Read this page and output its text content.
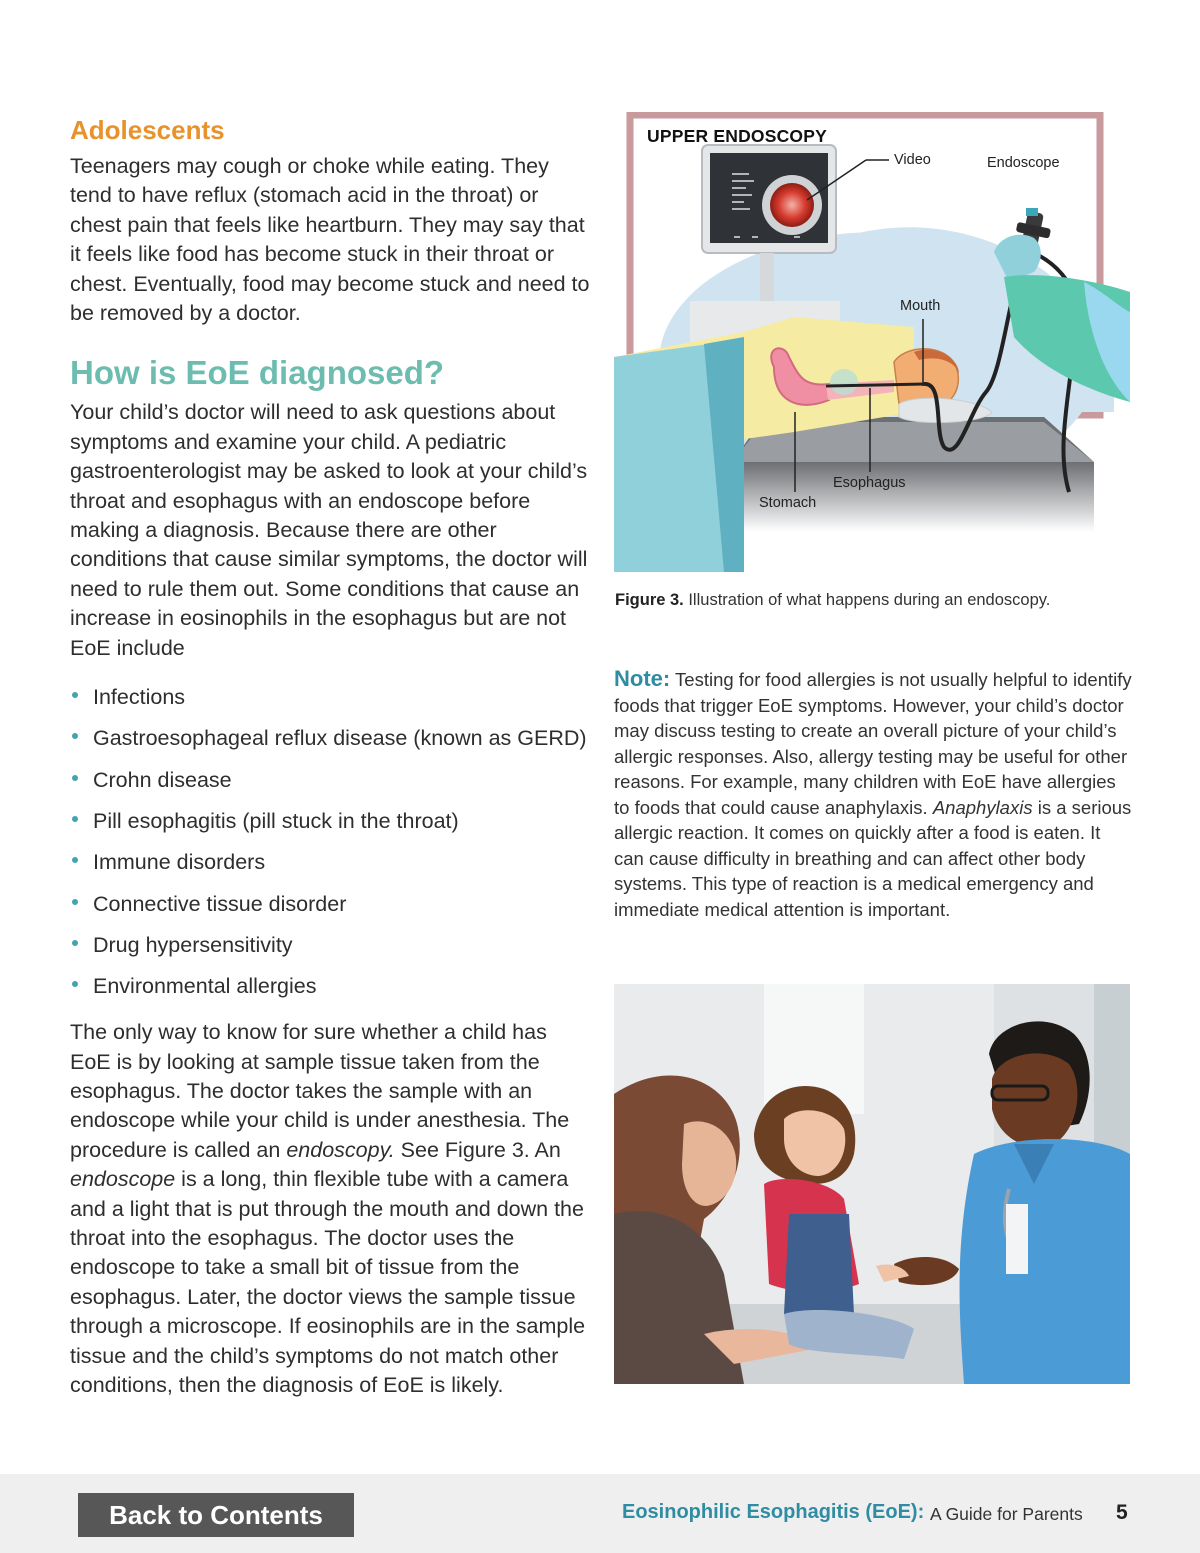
Adolescents

Teenagers may cough or choke while eating. They tend to have reflux (stomach acid in the throat) or chest pain that feels like heartburn. They may say that it feels like food has become stuck in their throat or chest. Eventually, food may become stuck and need to be removed by a doctor.

How is EoE diagnosed?

Your child’s doctor will need to ask questions about symptoms and examine your child. A pediatric gastroenterologist may be asked to look at your child’s throat and esophagus with an endoscope before making a diagnosis. Because there are other conditions that cause similar symptoms, the doctor will need to rule them out. Some conditions that cause an increase in eosinophils in the esophagus but are not EoE include

Infections
Gastroesophageal reflux disease (known as GERD)
Crohn disease
Pill esophagitis (pill stuck in the throat)
Immune disorders
Connective tissue disorder
Drug hypersensitivity
Environmental allergies

The only way to know for sure whether a child has EoE is by looking at sample tissue taken from the esophagus. The doctor takes the sample with an endoscope while your child is under anesthesia. The procedure is called an endoscopy. See Figure 3. An endoscope is a long, thin flexible tube with a camera and a light that is put through the mouth and down the throat into the esophagus. The doctor uses the endoscope to take a small bit of tissue from the esophagus. Later, the doctor views the sample tissue through a microscope. If eosinophils are in the sample tissue and the child’s symptoms do not match other conditions, then the diagnosis of EoE is likely.

UPPER ENDOSCOPY
Video	Endoscope
Mouth
Esophagus
Stomach

Figure 3. Illustration of what happens during an endoscopy.

Note: Testing for food allergies is not usually helpful to identify foods that trigger EoE symptoms. However, your child’s doctor may discuss testing to create an overall picture of your child’s allergic responses. Also, allergy testing may be useful for other reasons. For example, many children with EoE have allergies to foods that could cause anaphylaxis. Anaphylaxis is a serious allergic reaction. It comes on quickly after a food is eaten. It can cause difficulty in breathing and can affect other body systems. This type of reaction is a medical emergency and immediate medical attention is important.

Back to Contents	Eosinophilic Esophagitis (EoE): A Guide for Parents 5
